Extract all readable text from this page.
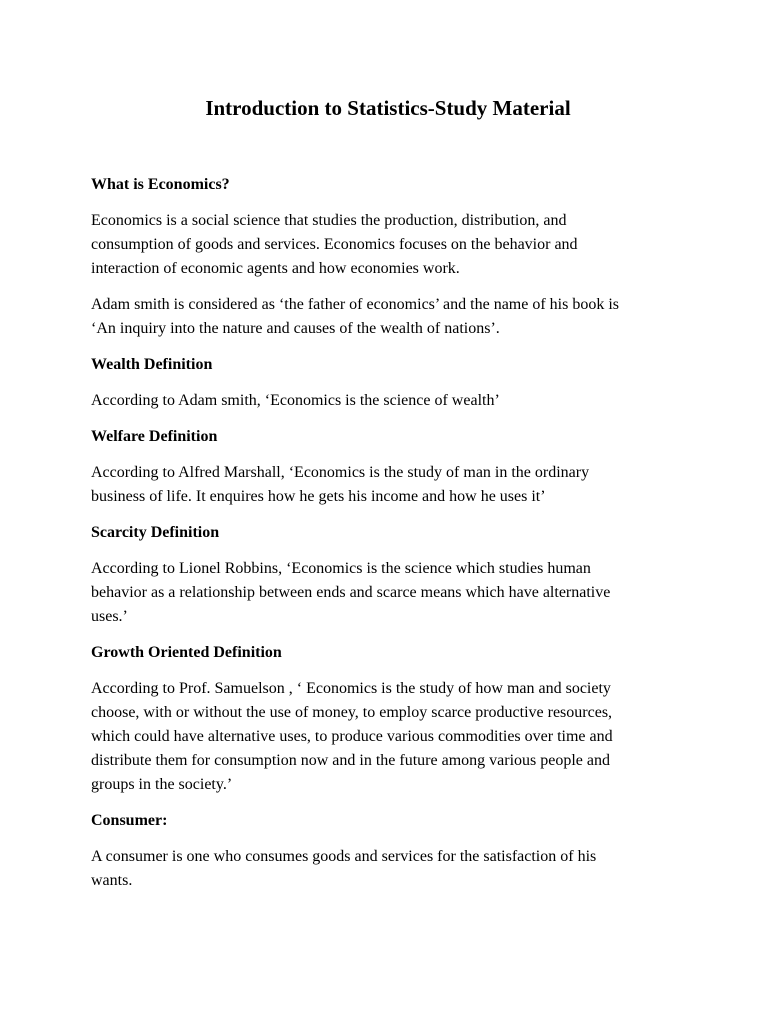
Introduction to Statistics-Study Material
What is Economics?
Economics is a social science that studies the production, distribution, and
consumption of goods and services. Economics focuses on the behavior and
interaction of economic agents and how economies work.
Adam smith is considered as ‘the father of economics’ and the name of his book is
‘An inquiry into the nature and causes of the wealth of nations’.
Wealth Definition
According to Adam smith, ‘Economics is the science of wealth’
Welfare Definition
According to Alfred Marshall, ‘Economics is the study of man in the ordinary
business of life. It enquires how he gets his income and how he uses it’
Scarcity Definition
According to Lionel Robbins, ‘Economics is the science which studies human
behavior as a relationship between ends and scarce means which have alternative
uses.’
Growth Oriented Definition
According to Prof. Samuelson , ‘ Economics is the study of how man and society
choose, with or without the use of money, to employ scarce productive resources,
which could have alternative uses, to produce various commodities over time and
distribute them for consumption now and in the future among various people and
groups in the society.’
Consumer:
A consumer is one who consumes goods and services for the satisfaction of his
wants.
